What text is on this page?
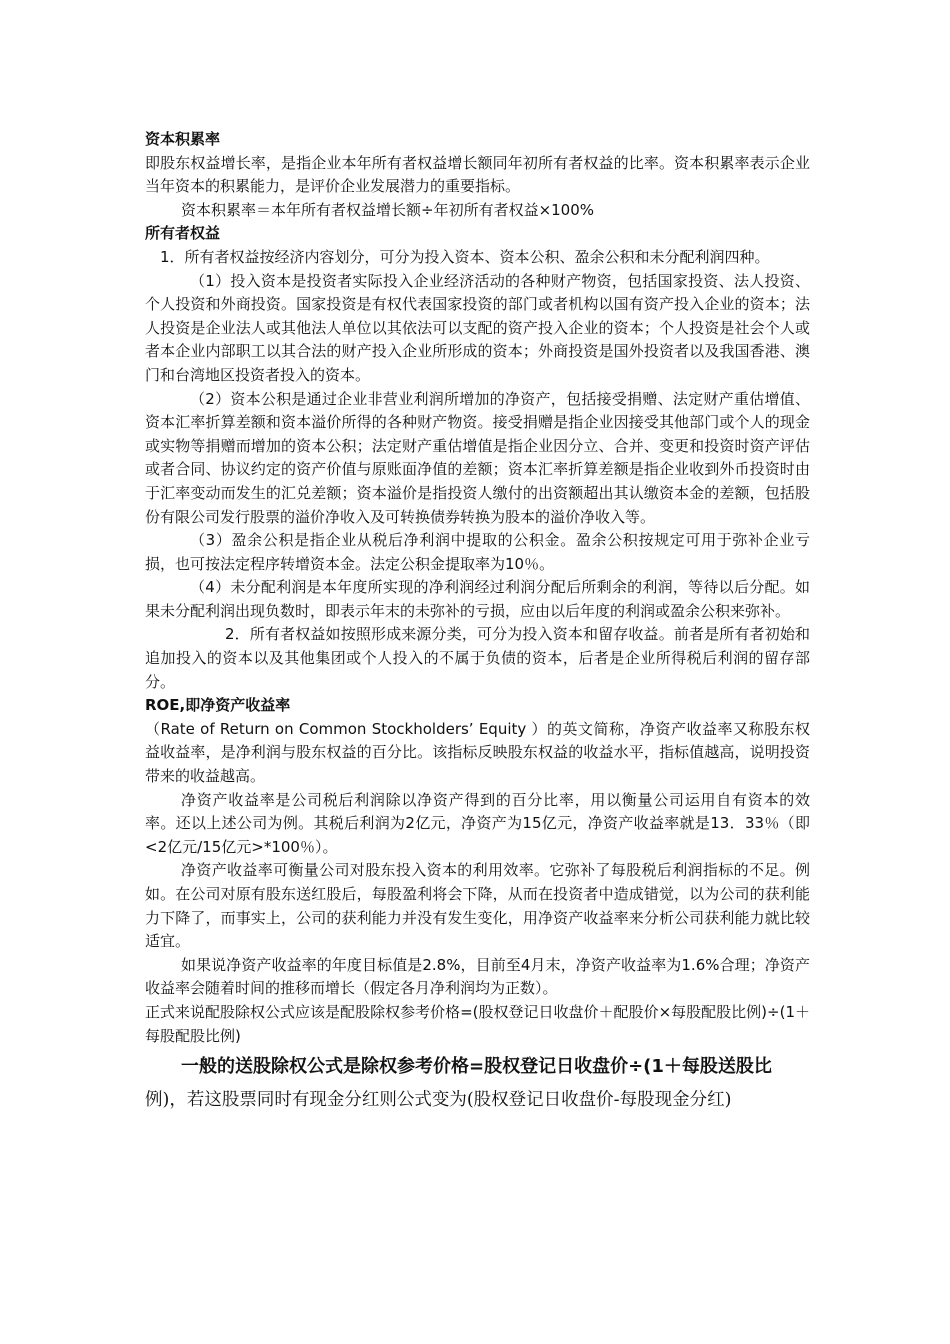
资本积累率

即股东权益增长率，是指企业本年所有者权益增长额同年初所有者权益的比率。资本积累率表示企业当年资本的积累能力，是评价企业发展潜力的重要指标。

资本积累率＝本年所有者权益增长额÷年初所有者权益×100%

所有者权益

1．所有者权益按经济内容划分，可分为投入资本、资本公积、盈余公积和未分配利润四种。

（1）投入资本是投资者实际投入企业经济活动的各种财产物资，包括国家投资、法人投资、个人投资和外商投资。国家投资是有权代表国家投资的部门或者机构以国有资产投入企业的资本；法人投资是企业法人或其他法人单位以其依法可以支配的资产投入企业的资本；个人投资是社会个人或者本企业内部职工以其合法的财产投入企业所形成的资本；外商投资是国外投资者以及我国香港、澳门和台湾地区投资者投入的资本。

（2）资本公积是通过企业非营业利润所增加的净资产，包括接受捐赠、法定财产重估增值、资本汇率折算差额和资本溢价所得的各种财产物资。接受捐赠是指企业因接受其他部门或个人的现金或实物等捐赠而增加的资本公积；法定财产重估增值是指企业因分立、合并、变更和投资时资产评估或者合同、协议约定的资产价值与原账面净值的差额；资本汇率折算差额是指企业收到外币投资时由于汇率变动而发生的汇兑差额；资本溢价是指投资人缴付的出资额超出其认缴资本金的差额，包括股份有限公司发行股票的溢价净收入及可转换债券转换为股本的溢价净收入等。

（3）盈余公积是指企业从税后净利润中提取的公积金。盈余公积按规定可用于弥补企业亏损，也可按法定程序转增资本金。法定公积金提取率为10％。

（4）未分配利润是本年度所实现的净利润经过利润分配后所剩余的利润，等待以后分配。如果未分配利润出现负数时，即表示年末的未弥补的亏损，应由以后年度的利润或盈余公积来弥补。

2．所有者权益如按照形成来源分类，可分为投入资本和留存收益。前者是所有者初始和追加投入的资本以及其他集团或个人投入的不属于负债的资本，后者是企业所得税后利润的留存部分。

ROE,即净资产收益率

（Rate of Return on Common Stockholders’ Equity ）的英文简称，净资产收益率又称股东权益收益率，是净利润与股东权益的百分比。该指标反映股东权益的收益水平，指标值越高，说明投资带来的收益越高。

净资产收益率是公司税后利润除以净资产得到的百分比率，用以衡量公司运用自有资本的效率。还以上述公司为例。其税后利润为2亿元，净资产为15亿元，净资产收益率就是13．33％（即<2亿元/15亿元>*100％）。

净资产收益率可衡量公司对股东投入资本的利用效率。它弥补了每股税后利润指标的不足。例如。在公司对原有股东送红股后，每股盈利将会下降，从而在投资者中造成错觉，以为公司的获利能力下降了，而事实上，公司的获利能力并没有发生变化，用净资产收益率来分析公司获利能力就比较适宜。

如果说净资产收益率的年度目标值是2.8%，目前至4月末，净资产收益率为1.6%合理；净资产收益率会随着时间的推移而增长（假定各月净利润均为正数）。

正式来说配股除权公式应该是配股除权参考价格=(股权登记日收盘价＋配股价×每股配股比例)÷(1＋每股配股比例)

一般的送股除权公式是除权参考价格=股权登记日收盘价÷(1＋每股送股比

例)，若这股票同时有现金分红则公式变为(股权登记日收盘价-每股现金分红)
